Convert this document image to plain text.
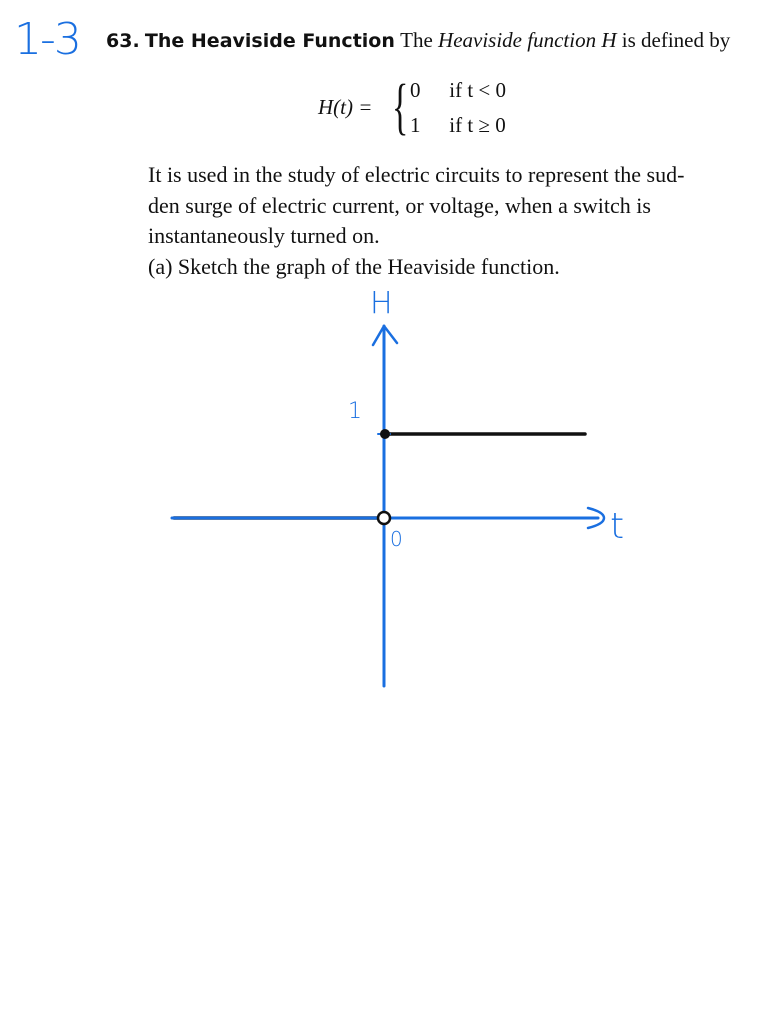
1-3 63. The Heaviside Function The Heaviside function H is defined by
H(t) = { 0 if t < 0
1 if t ≥ 0
It is used in the study of electric circuits to represent the sud-
den surge of electric current, or voltage, when a switch is
instantaneously turned on.
(a) Sketch the graph of the Heaviside function.
H
t
1
0
